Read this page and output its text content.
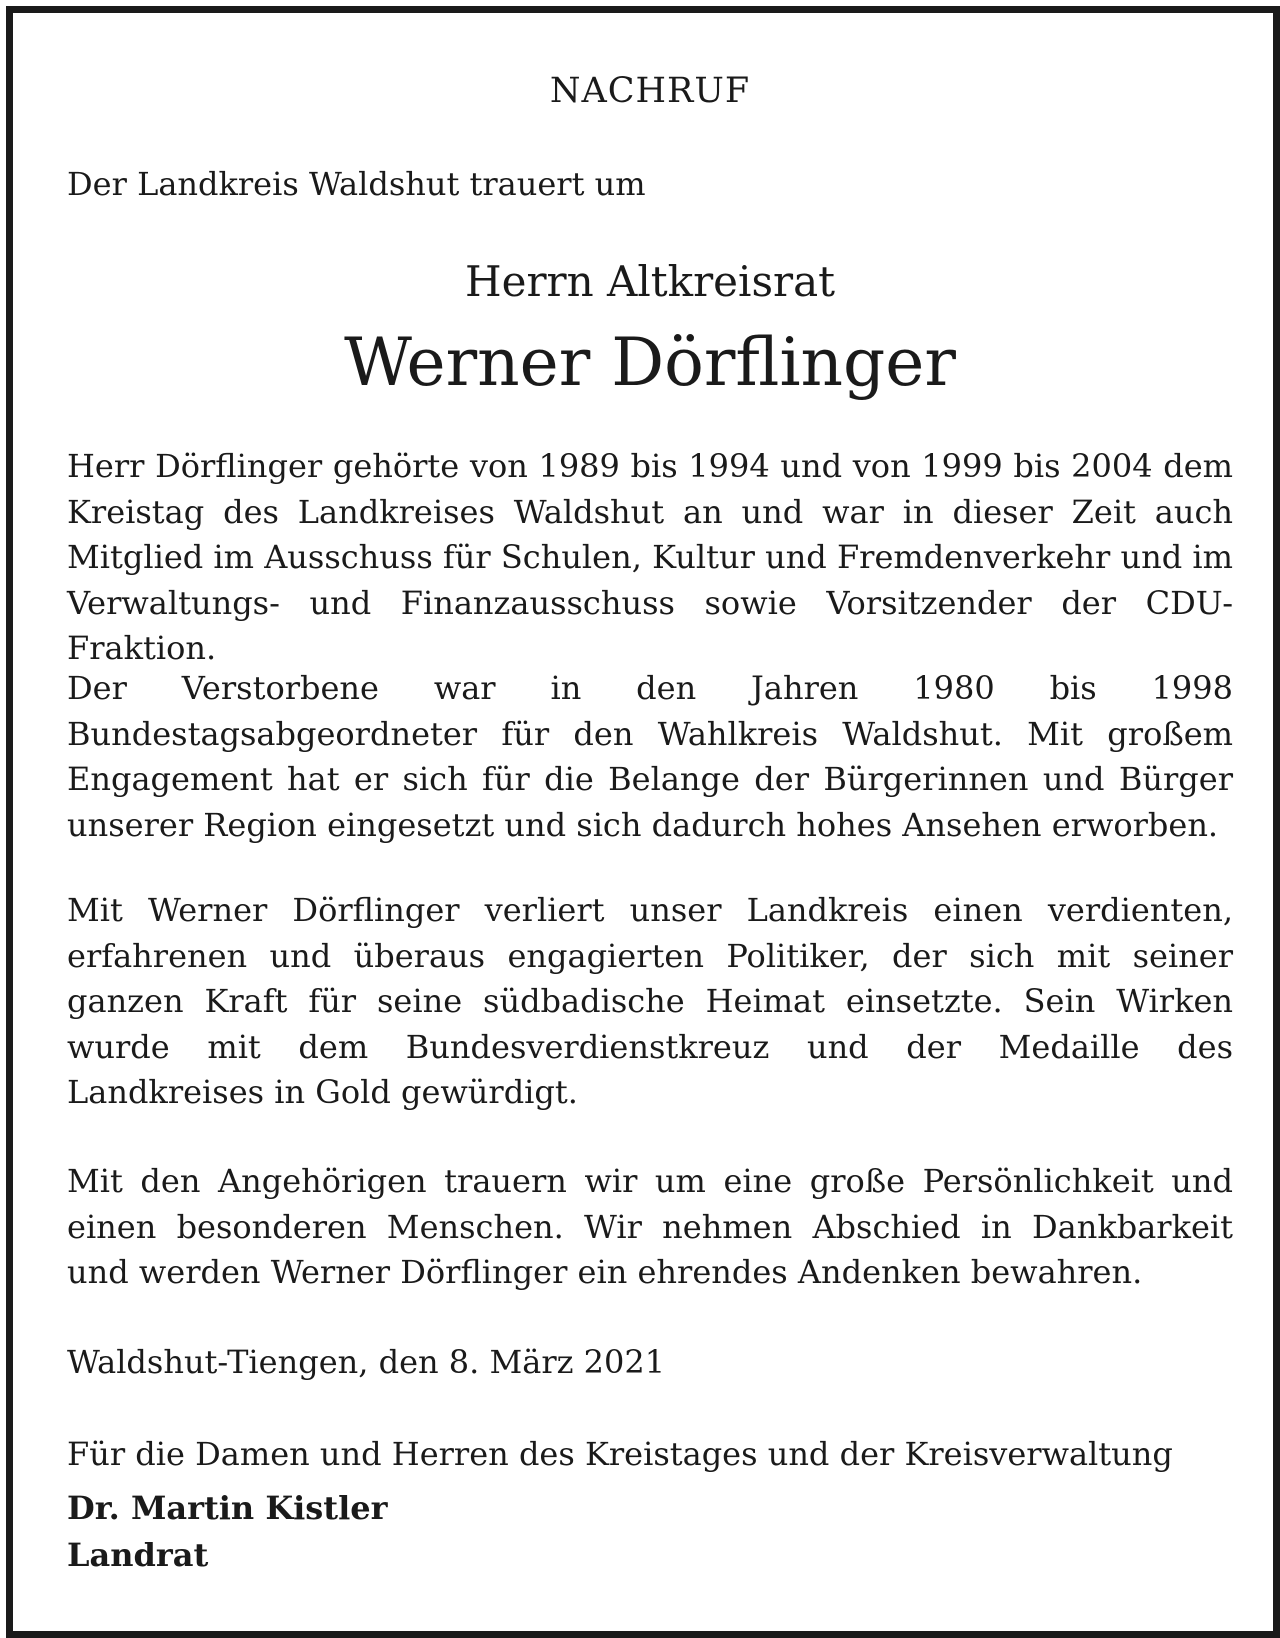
NACHRUF
Der Landkreis Waldshut trauert um
Herrn Altkreisrat
Werner Dörflinger

Herr Dörflinger gehörte von 1989 bis 1994 und von 1999 bis 2004 dem Kreistag des Landkreises Waldshut an und war in dieser Zeit auch Mitglied im Ausschuss für Schulen, Kultur und Fremdenverkehr und im Verwaltungs- und Finanzausschuss sowie Vorsitzender der CDU-Fraktion.

Der Verstorbene war in den Jahren 1980 bis 1998 Bundestagsabgeordneter für den Wahlkreis Waldshut. Mit großem Engagement hat er sich für die Belange der Bürgerinnen und Bürger unserer Region eingesetzt und sich dadurch hohes Ansehen erworben.

Mit Werner Dörflinger verliert unser Landkreis einen verdienten, erfahrenen und überaus engagierten Politiker, der sich mit seiner ganzen Kraft für seine südbadische Heimat einsetzte. Sein Wirken wurde mit dem Bundesverdienstkreuz und der Medaille des Landkreises in Gold gewürdigt.

Mit den Angehörigen trauern wir um eine große Persönlichkeit und einen besonderen Menschen. Wir nehmen Abschied in Dankbarkeit und werden Werner Dörflinger ein ehrendes Andenken bewahren.

Waldshut-Tiengen, den 8. März 2021
Für die Damen und Herren des Kreistages und der Kreisverwaltung
Dr. Martin Kistler
Landrat
